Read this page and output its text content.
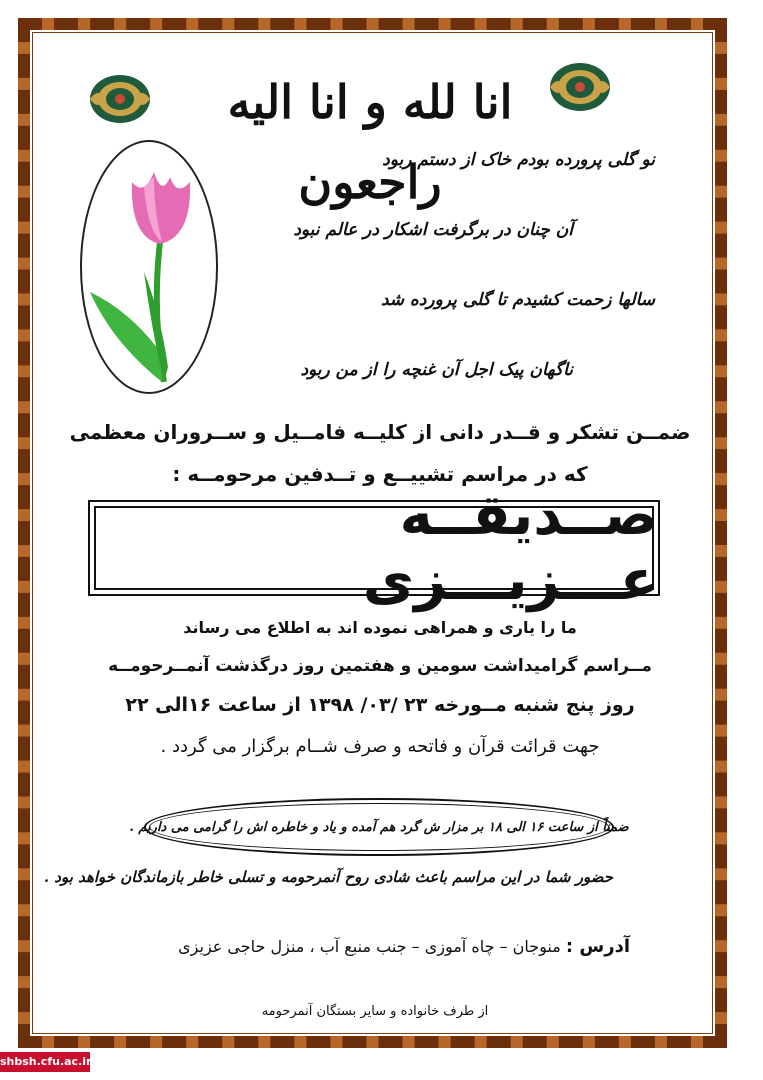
انا لله و انا الیه راجعون
نو گلی پرورده بودم خاک از دستم ربود
آن چنان در برگرفت اشکار در عالم نبود
سالها زحمت کشیدم تا گلی پرورده شد
ناگهان پیک اجل آن غنچه را از من ربود
ضمــن تشکر و قــدر دانی از کلیــه فامــیل و ســروران معظمی
که در مراسم تشییــع و تــدفین مرحومــه :
صــدیقــه عـــزیـــزی
ما را یاری و همراهی نموده اند به اطلاع می رساند
مــراسم گرامیداشت سومین و هفتمین روز درگذشت آنمــرحومــه
روز پنج شنبه مــورخه ۲۳ /۰۳/ ۱۳۹۸ از ساعت ۱۶الی ۲۲
جهت قرائت قرآن و فاتحه و صرف شــام برگزار می گردد .
ضمناً از ساعت ۱۶ الی ۱۸ بر مزار ش گرد هم آمده و یاد و خاطره اش را گرامی می داریم .
حضور شما در این مراسم باعث شادی روح آنمرحومه و تسلی خاطر بازماندگان خواهد بود .
آدرس : منوجان – چاه آموزی – جنب منبع آب ، منزل حاجی عزیزی
از طرف خانواده و سایر بستگان آنمرحومه
shbsh.cfu.ac.ir
